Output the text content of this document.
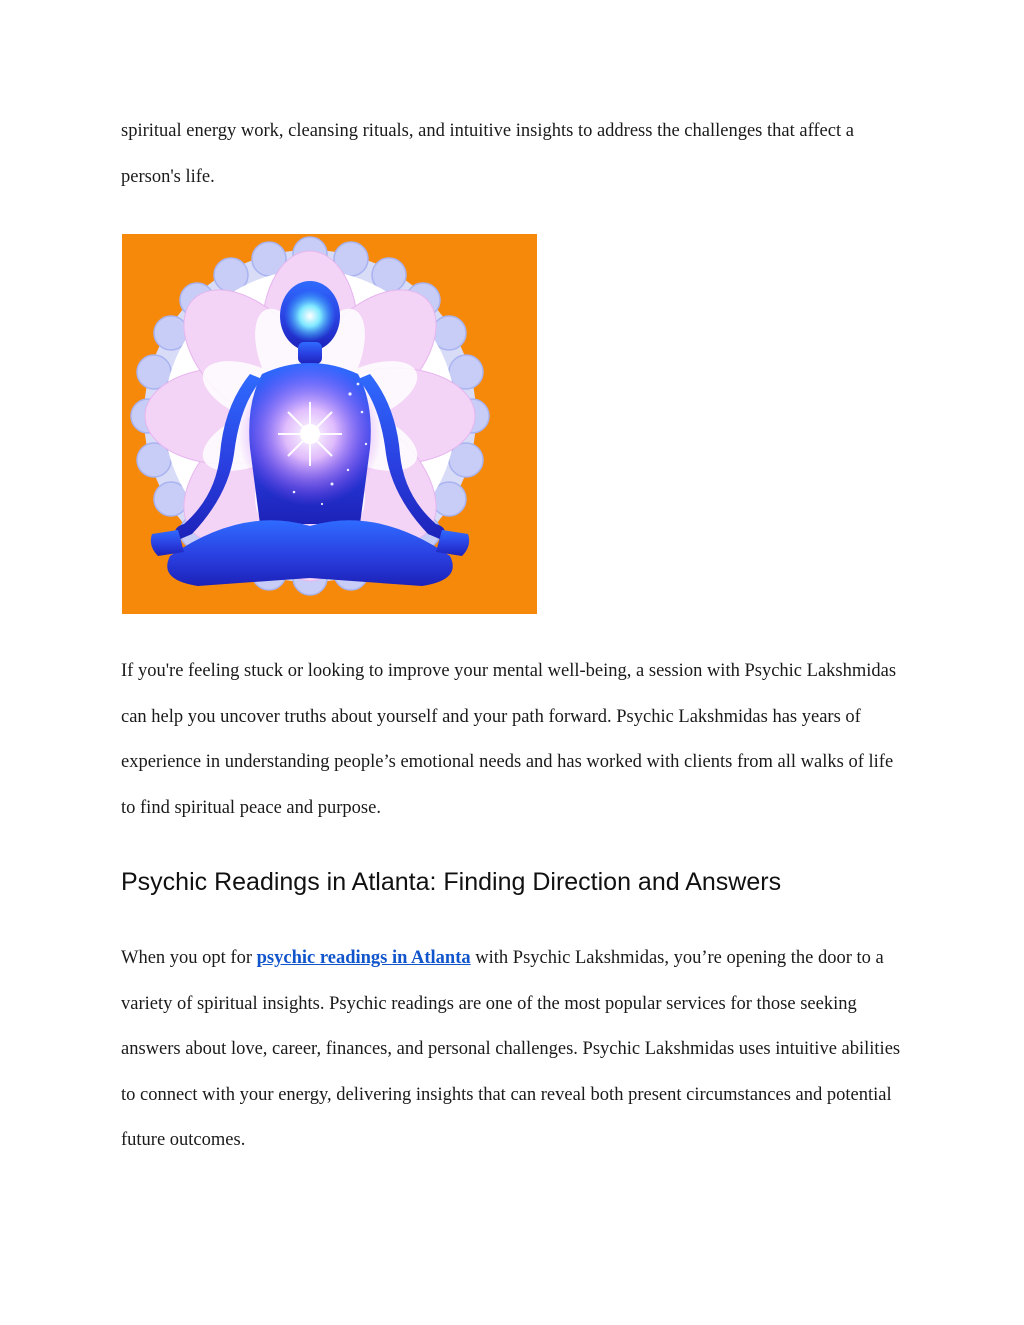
spiritual energy work, cleansing rituals, and intuitive insights to address the challenges that affect a person's life.

If you're feeling stuck or looking to improve your mental well-being, a session with Psychic Lakshmidas can help you uncover truths about yourself and your path forward. Psychic Lakshmidas has years of experience in understanding people’s emotional needs and has worked with clients from all walks of life to find spiritual peace and purpose.

Psychic Readings in Atlanta: Finding Direction and Answers

When you opt for psychic readings in Atlanta with Psychic Lakshmidas, you’re opening the door to a variety of spiritual insights. Psychic readings are one of the most popular services for those seeking answers about love, career, finances, and personal challenges. Psychic Lakshmidas uses intuitive abilities to connect with your energy, delivering insights that can reveal both present circumstances and potential future outcomes.
